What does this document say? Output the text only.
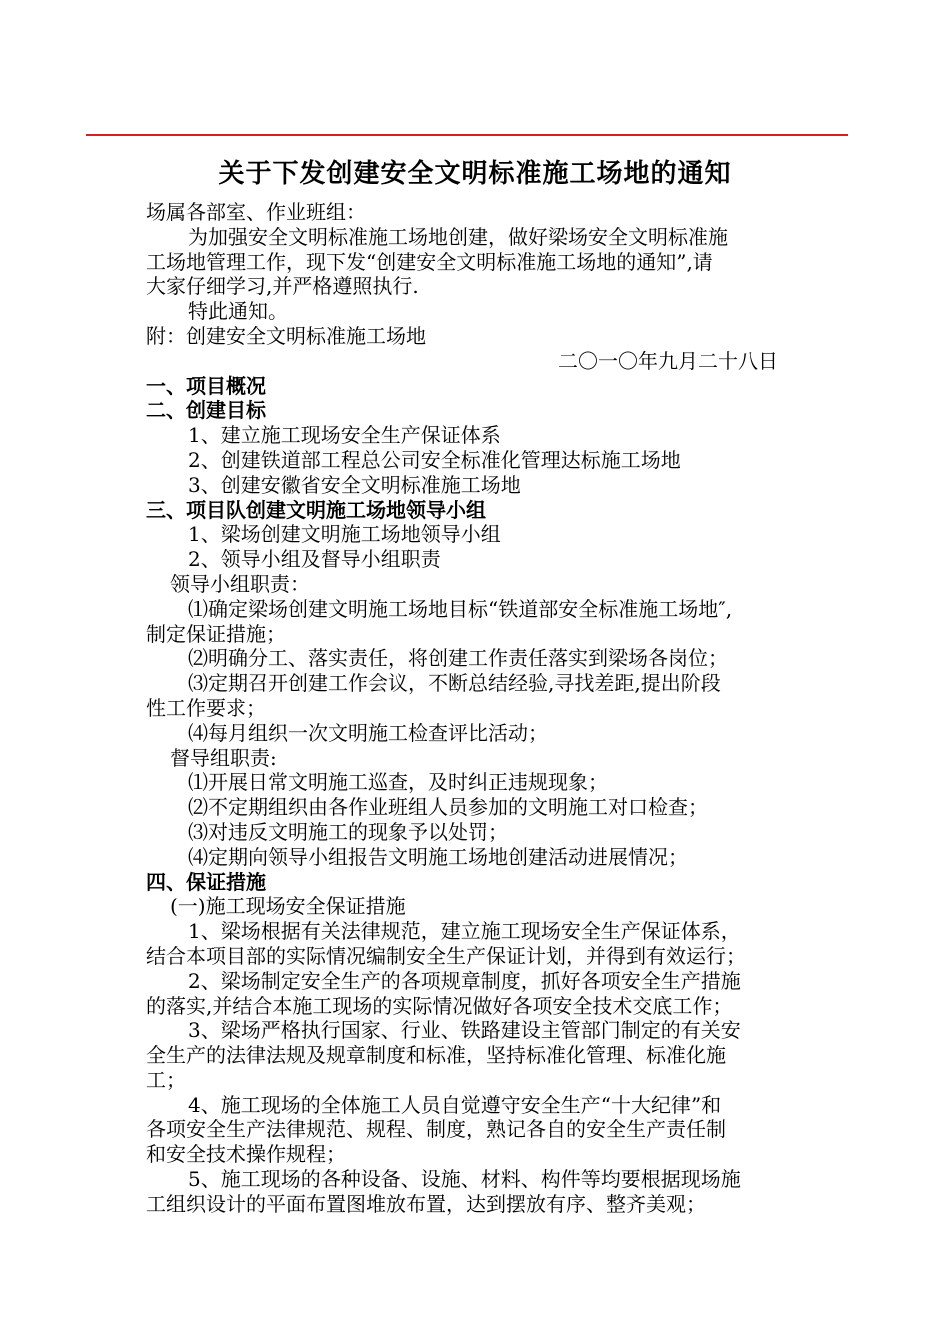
关于下发创建安全文明标准施工场地的通知
场属各部室、作业班组：
为加强安全文明标准施工场地创建，做好梁场安全文明标准施
工场地管理工作，现下发“创建安全文明标准施工场地的通知”,请
大家仔细学习,并严格遵照执行.
特此通知。
附：创建安全文明标准施工场地
二〇一〇年九月二十八日
一、项目概况
二、创建目标
1、建立施工现场安全生产保证体系
2、创建铁道部工程总公司安全标准化管理达标施工场地
3、创建安徽省安全文明标准施工场地
三、项目队创建文明施工场地领导小组
1、梁场创建文明施工场地领导小组
2、领导小组及督导小组职责
领导小组职责：
⑴确定梁场创建文明施工场地目标“铁道部安全标准施工场地″,
制定保证措施；
⑵明确分工、落实责任，将创建工作责任落实到梁场各岗位；
⑶定期召开创建工作会议，不断总结经验,寻找差距,提出阶段
性工作要求；
⑷每月组织一次文明施工检查评比活动；
督导组职责:
⑴开展日常文明施工巡查，及时纠正违规现象；
⑵不定期组织由各作业班组人员参加的文明施工对口检查；
⑶对违反文明施工的现象予以处罚；
⑷定期向领导小组报告文明施工场地创建活动进展情况；
四、保证措施
(一)施工现场安全保证措施
1、梁场根据有关法律规范，建立施工现场安全生产保证体系，
结合本项目部的实际情况编制安全生产保证计划，并得到有效运行；
2、梁场制定安全生产的各项规章制度，抓好各项安全生产措施
的落实,并结合本施工现场的实际情况做好各项安全技术交底工作；
3、梁场严格执行国家、行业、铁路建设主管部门制定的有关安
全生产的法律法规及规章制度和标准，坚持标准化管理、标准化施
工；
4、施工现场的全体施工人员自觉遵守安全生产“十大纪律”和
各项安全生产法律规范、规程、制度，熟记各自的安全生产责任制
和安全技术操作规程；
5、施工现场的各种设备、设施、材料、构件等均要根据现场施
工组织设计的平面布置图堆放布置，达到摆放有序、整齐美观；
